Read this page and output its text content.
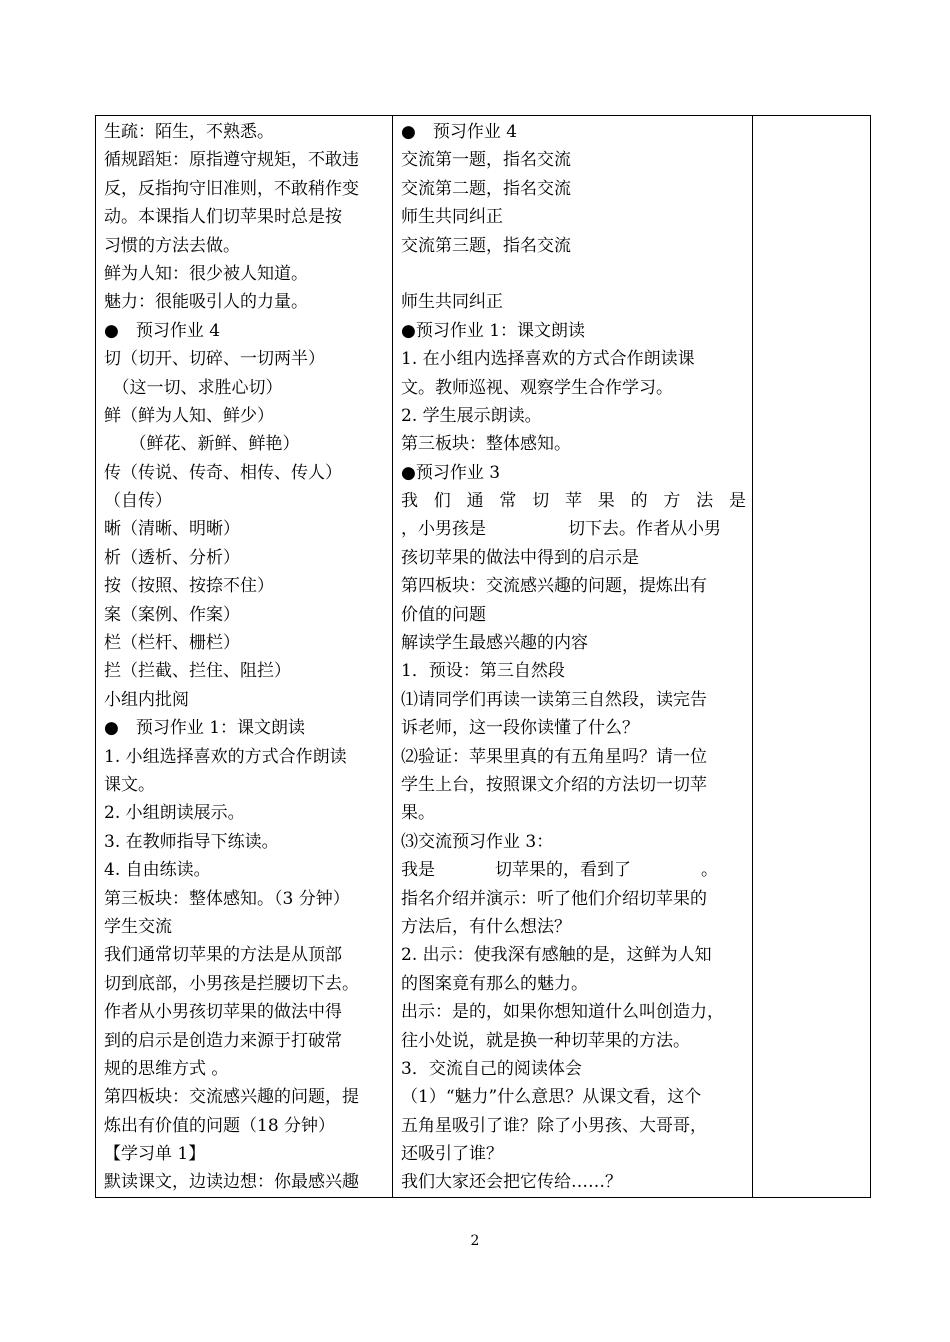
生疏：陌生，不熟悉。
循规蹈矩：原指遵守规矩，不敢违
反，反指拘守旧准则，不敢稍作变
动。本课指人们切苹果时总是按
习惯的方法去做。
鲜为人知：很少被人知道。
魅力：很能吸引人的力量。
●　预习作业 4
切（切开、切碎、一切两半）
　（这一切、求胜心切）
鲜（鲜为人知、鲜少）
　　（鲜花、新鲜、鲜艳）
传（传说、传奇、相传、传人）
（自传）
晰（清晰、明晰）
析（透析、分析）
按（按照、按捺不住）
案（案例、作案）
栏（栏杆、栅栏）
拦（拦截、拦住、阻拦）
小组内批阅
●　预习作业 1：课文朗读
1. 小组选择喜欢的方式合作朗读
课文。
2. 小组朗读展示。
3. 在教师指导下练读。
4. 自由练读。
第三板块：整体感知。（3 分钟）
学生交流
我们通常切苹果的方法是从顶部
切到底部，小男孩是拦腰切下去。
作者从小男孩切苹果的做法中得
到的启示是创造力来源于打破常
规的思维方式 。
第四板块：交流感兴趣的问题，提
炼出有价值的问题（18 分钟）
【学习单 1】
默读课文，边读边想：你最感兴趣

●　预习作业 4
交流第一题，指名交流
交流第二题，指名交流
师生共同纠正
交流第三题，指名交流
师生共同纠正
●预习作业 1：课文朗读
1. 在小组内选择喜欢的方式合作朗读课
文。教师巡视、观察学生合作学习。
2. 学生展示朗读。
第三板块：整体感知。
●预习作业 3
我 们 通 常 切 苹 果 的 方 法 是
，小男孩是	切下去。作者从小男
孩切苹果的做法中得到的启示是
第四板块：交流感兴趣的问题，提炼出有
价值的问题
解读学生最感兴趣的内容
1．预设：第三自然段
⑴请同学们再读一读第三自然段，读完告
诉老师，这一段你读懂了什么？
⑵验证：苹果里真的有五角星吗？请一位
学生上台，按照课文介绍的方法切一切苹
果。
⑶交流预习作业 3：
我是	切苹果的，看到了	。
指名介绍并演示：听了他们介绍切苹果的
方法后，有什么想法？
2. 出示：使我深有感触的是，这鲜为人知
的图案竟有那么的魅力。
出示：是的，如果你想知道什么叫创造力，
往小处说，就是换一种切苹果的方法。
3．交流自己的阅读体会
（1）“魅力”什么意思？从课文看，这个
五角星吸引了谁？除了小男孩、大哥哥，
还吸引了谁？
我们大家还会把它传给……？

2
